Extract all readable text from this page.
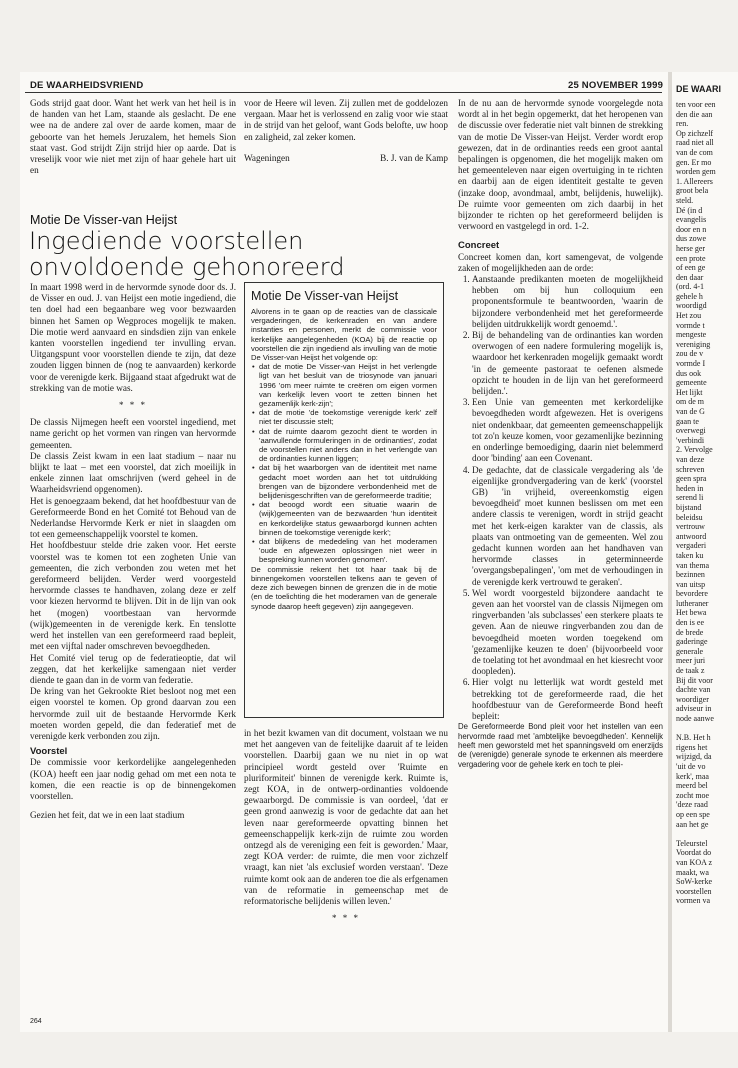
DE WAARHEIDSVRIEND	25 NOVEMBER 1999

Gods strijd gaat door. Want het werk van het heil is in de handen van het Lam, staande als geslacht. De ene wee na de andere zal over de aarde komen, maar de geboorte van het hemels Jeruzalem, het hemels Sion staat vast. God strijdt Zijn strijd hier op aarde. Dat is vreselijk voor wie niet met zijn of haar gehele hart uit en

voor de Heere wil leven. Zij zullen met de goddelozen vergaan. Maar het is verlossend en zalig voor wie staat in de strijd van het geloof, want Gods belofte, uw hoop en zaligheid, zal zeker komen.

Wageningen	B. J. van de Kamp
Motie De Visser-van Heijst
Ingediende voorstellen onvoldoende gehonoreerd

In maart 1998 werd in de hervormde synode door ds. J. de Visser en oud. J. van Heijst een motie ingediend, die ten doel had een begaanbare weg voor bezwaarden binnen het Samen op Wegproces mogelijk te maken. Die motie werd aanvaard en sindsdien zijn van enkele kanten voorstellen ingediend ter invulling ervan. Uitgangspunt voor voorstellen diende te zijn, dat deze zouden liggen binnen de (nog te aanvaarden) kerkorde voor de verenigde kerk. Bijgaand staat afgedrukt wat de strekking van de motie was.

* * *

De classis Nijmegen heeft een voorstel ingediend, met name gericht op het vormen van ringen van hervormde gemeenten.

De classis Zeist kwam in een laat stadium – naar nu blijkt te laat – met een voorstel, dat zich moeilijk in enkele zinnen laat omschrijven (werd geheel in de Waarheidsvriend opgenomen).

Het is genoegzaam bekend, dat het hoofdbestuur van de Gereformeerde Bond en het Comité tot Behoud van de Nederlandse Hervormde Kerk er niet in slaagden om tot een gemeenschappelijk voorstel te komen.

Het hoofdbestuur stelde drie zaken voor. Het eerste voorstel was te komen tot een zogheten Unie van gemeenten, die zich verbonden zou weten met het gereformeerd belijden. Verder werd voorgesteld hervormde classes te handhaven, zolang deze er zelf voor kiezen hervormd te blijven. Dit in de lijn van ook het (mogen) voortbestaan van hervormde (wijk)gemeenten in de verenigde kerk. En tenslotte werd het instellen van een gereformeerd raad bepleit, met een vijftal nader omschreven bevoegdheden.

Het Comité viel terug op de federatieoptie, dat wil zeggen, dat het kerkelijke samengaan niet verder diende te gaan dan in de vorm van federatie.

De kring van het Gekrookte Riet besloot nog met een eigen voorstel te komen. Op grond daarvan zou een hervormde zuil uit de bestaande Hervormde Kerk moeten worden gepeld, die dan federatief met de verenigde kerk verbonden zou zijn.

Voorstel

De commissie voor kerkordelijke aangelegenheden (KOA) heeft een jaar nodig gehad om met een nota te komen, die een reactie is op de binnengekomen voorstellen.

Gezien het feit, dat we in een laat stadium

Motie De Visser-van Heijst

Alvorens in te gaan op de reacties van de classicale vergaderingen, de kerkenraden en van andere instanties en personen, merkt de commissie voor kerkelijke aangelegenheden (KOA) bij de reactie op voorstellen die zijn ingediend als invulling van de motie De Visser-van Heijst het volgende op:

• dat de motie De Visser-van Heijst in het verlengde ligt van het besluit van de triosynode van januari 1996 'om meer ruimte te creëren om eigen vormen van kerkelijk leven voort te zetten binnen het gezamenlijk kerk-zijn';
• dat de motie 'de toekomstige verenigde kerk' zelf niet ter discussie stelt;
• dat de ruimte daarom gezocht dient te worden in 'aanvullende formuleringen in de ordinanties', zodat de voorstellen niet anders dan in het verlengde van de ordinanties kunnen liggen;
• dat bij het waarborgen van de identiteit met name gedacht moet worden aan het tot uitdrukking brengen van de bijzondere verbondenheid met de belijdenisgeschriften van de gereformeerde traditie;
• dat beoogd wordt een situatie waarin de (wijk)gemeenten van de bezwaarden 'hun identiteit en kerkordelijke status gewaarborgd kunnen achten binnen de toekomstige verenigde kerk';
• dat blijkens de mededeling van het moderamen 'oude en afgewezen oplossingen niet weer in bespreking kunnen worden genomen'.

De commissie rekent het tot haar taak bij de binnengekomen voorstellen telkens aan te geven of deze zich bewegen binnen de grenzen die in de motie (en de toelichting die het moderamen van de generale synode daarop heeft gegeven) zijn aangegeven.

in het bezit kwamen van dit document, volstaan we nu met het aangeven van de feitelijke daaruit af te leiden voorstellen. Daarbij gaan we nu niet in op wat principieel wordt gesteld over 'Ruimte en pluriformiteit' binnen de verenigde kerk. Ruimte is, zegt KOA, in de ontwerp-ordinanties voldoende gewaarborgd. De commissie is van oordeel, 'dat er geen grond aanwezig is voor de gedachte dat aan het leven naar gereformeerde opvatting binnen het gemeenschappelijk kerk-zijn de ruimte zou worden ontzegd als de vereniging een feit is geworden.' Maar, zegt KOA verder: de ruimte, die men voor zichzelf vraagt, kan niet 'als exclusief worden verstaan'. 'Deze ruimte komt ook aan de anderen toe die als erfgenamen van de reformatie in gemeenschap met de reformatorische belijdenis willen leven.'

* * *

In de nu aan de hervormde synode voorgelegde nota wordt al in het begin opgemerkt, dat het heropenen van de discussie over federatie niet valt binnen de strekking van de motie De Visser-van Heijst. Verder wordt erop gewezen, dat in de ordinanties reeds een groot aantal bepalingen is opgenomen, die het mogelijk maken om het gemeenteleven naar eigen overtuiging in te richten en daarbij aan de eigen identiteit gestalte te geven (inzake doop, avondmaal, ambt, belijdenis, huwelijk). De ruimte voor gemeenten om zich daarbij in het bijzonder te richten op het gereformeerd belijden is verwoord en vastgelegd in ord. 1-2.

Concreet

Concreet komen dan, kort samengevat, de volgende zaken of mogelijkheden aan de orde:

1. Aanstaande predikanten moeten de mogelijkheid hebben om bij hun colloquium een proponentsformule te beantwoorden, 'waarin de bijzondere verbondenheid met het gereformeerde belijden uitdrukkelijk wordt genoemd.'.
2. Bij de behandeling van de ordinanties kan worden overwogen of een nadere formulering mogelijk is, waardoor het kerkenraden mogelijk gemaakt wordt 'in de gemeente pastoraat te oefenen alsmede opzicht te houden in de lijn van het gereformeerd belijden.'.
3. Een Unie van gemeenten met kerkordelijke bevoegdheden wordt afgewezen. Het is overigens niet ondenkbaar, dat gemeenten gemeenschappelijk tot zo'n keuze komen, voor gezamenlijke bezinning en onderlinge bemoediging, daarin niet belemmerd door 'binding' aan een Covenant.
4. De gedachte, dat de classicale vergadering als 'de eigenlijke grondvergadering van de kerk' (voorstel GB) 'in vrijheid, overeenkomstig eigen bevoegdheid' moet kunnen beslissen om met een andere classis te verenigen, wordt in strijd geacht met het kerk-eigen karakter van de classis, als plaats van ontmoeting van de gemeenten. Wel zou gedacht kunnen worden aan het handhaven van hervormde classes in geterminneerde 'overgangsbepalingen', 'om met de verhoudingen in de verenigde kerk vertrouwd te geraken'.
5. Wel wordt voorgesteld bijzondere aandacht te geven aan het voorstel van de classis Nijmegen om ringverbanden 'als subclasses' een sterkere plaats te geven. Aan de nieuwe ringverbanden zou dan de bevoegdheid moeten worden toegekend om 'gezamenlijke keuzen te doen' (bijvoorbeeld voor de toelating tot het avondmaal en het kiesrecht voor doopleden).
6. Hier volgt nu letterlijk wat wordt gesteld met betrekking tot de gereformeerde raad, die het hoofdbestuur van de Gereformeerde Bond heeft bepleit:

De Gereformeerde Bond pleit voor het instellen van een hervormde raad met 'ambtelijke bevoegdheden'. Kennelijk heeft men geworsteld met het spanningsveld om enerzijds de (verenigde) generale synode te erkennen als meerdere vergadering voor de gehele kerk en toch te plei-

DE WAARI
ten voor een
den die aan
ren.
Op zichzelf
raad niet all
van de com
gen. Er mo
worden gem
1. Allereers
groot bela
steld.
Dé (in d
evangelis
door en n
dus zowe
herse ger
een prote
of een ge
den daar
(ord. 4-1
gehele h
woordigd
Het zou
vormde t
mengeste
vereniging
zou de v
vormde I
dus ook
gemeente
Het lijkt
om de m
van de G
gaan te
overwegi
'verbindi
2. Vervolge
van deze
schreven
geen spra
heden in
serend li
bijstand
beleidsu
vertrouw
antwoord
vergaderi
taken ku
van thema
bezinnen
van uitsp
bevordere
lutheraner
Het bewa
den is ee
de brede
gaderinge
generale
meer juri
de taak z
Bij dit voor
dachte van
woordiger
adviseur in
node aanwe

N.B. Het h
rigens het
wijzigd, da
'uit de vo
kerk', maa
meerd bel
zocht moe
'deze raad
op een spe
aan het ge

Teleurstel
Voordat do
van KOA z
maakt, wa
SoW-kerke
voorstellen
vormen va
264
